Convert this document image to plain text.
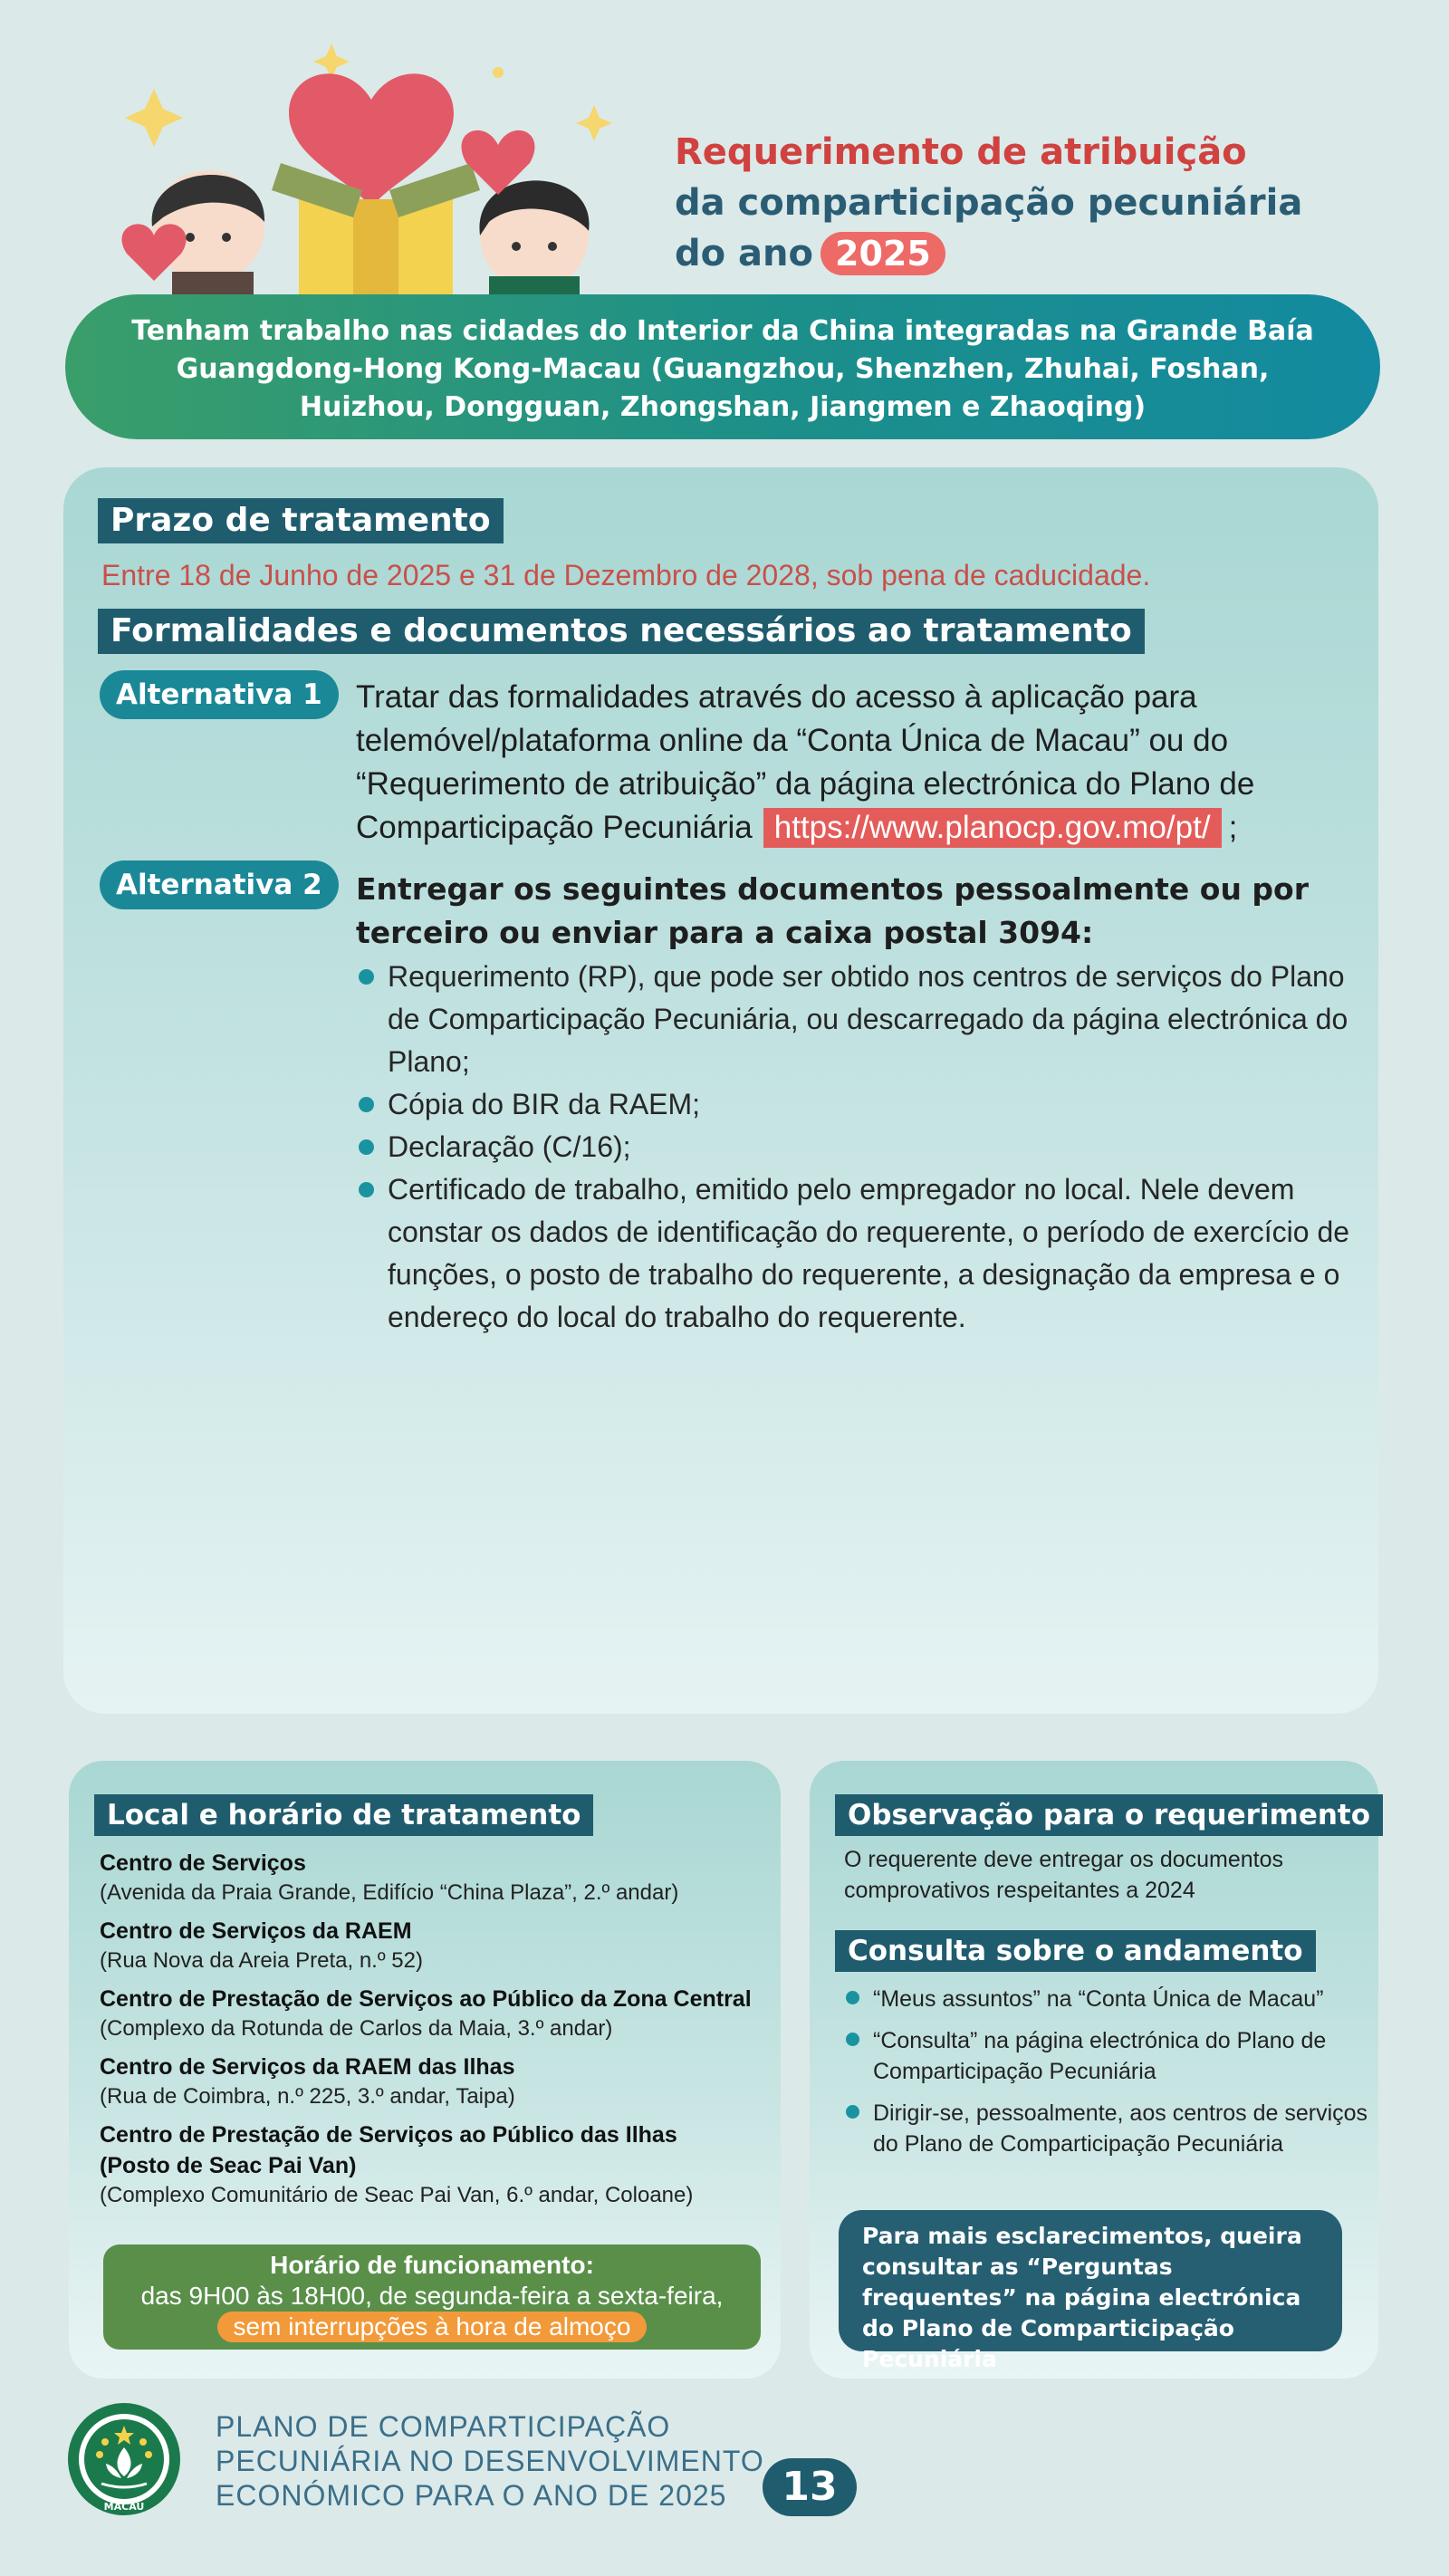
Requerimento de atribuição
da comparticipação pecuniária
do ano 2025
Tenham trabalho nas cidades do Interior da China integradas na Grande Baía Guangdong-Hong Kong-Macau (Guangzhou, Shenzhen, Zhuhai, Foshan, Huizhou, Dongguan, Zhongshan, Jiangmen e Zhaoqing)
Prazo de tratamento
Entre 18 de Junho de 2025 e 31 de Dezembro de 2028, sob pena de caducidade.
Formalidades e documentos necessários ao tratamento
Alternativa 1	Tratar das formalidades através do acesso à aplicação para telemóvel/plataforma online da “Conta Única de Macau” ou do “Requerimento de atribuição” da página electrónica do Plano de Comparticipação Pecuniária https://www.planocp.gov.mo/pt/ ;
Alternativa 2	Entregar os seguintes documentos pessoalmente ou por terceiro ou enviar para a caixa postal 3094:
Requerimento (RP), que pode ser obtido nos centros de serviços do Plano de Comparticipação Pecuniária, ou descarregado da página electrónica do Plano;
Cópia do BIR da RAEM;
Declaração (C/16);
Certificado de trabalho, emitido pelo empregador no local. Nele devem constar os dados de identificação do requerente, o período de exercício de funções, o posto de trabalho do requerente, a designação da empresa e o endereço do local do trabalho do requerente.
Local e horário de tratamento
Centro de Serviços
(Avenida da Praia Grande, Edifício “China Plaza”, 2.º andar)
Centro de Serviços da RAEM
(Rua Nova da Areia Preta, n.º 52)
Centro de Prestação de Serviços ao Público da Zona Central
(Complexo da Rotunda de Carlos da Maia, 3.º andar)
Centro de Serviços da RAEM das Ilhas
(Rua de Coimbra, n.º 225, 3.º andar, Taipa)
Centro de Prestação de Serviços ao Público das Ilhas (Posto de Seac Pai Van)
(Complexo Comunitário de Seac Pai Van, 6.º andar, Coloane)
Horário de funcionamento:
das 9H00 às 18H00, de segunda-feira a sexta-feira,
sem interrupções à hora de almoço
Observação para o requerimento
O requerente deve entregar os documentos comprovativos respeitantes a 2024
Consulta sobre o andamento
“Meus assuntos” na “Conta Única de Macau”
“Consulta” na página electrónica do Plano de Comparticipação Pecuniária
Dirigir-se, pessoalmente, aos centros de serviços do Plano de Comparticipação Pecuniária
Para mais esclarecimentos, queira consultar as “Perguntas frequentes” na página electrónica do Plano de Comparticipação Pecuniária
MACAU
PLANO DE COMPARTICIPAÇÃO
PECUNIÁRIA NO DESENVOLVIMENTO
ECONÓMICO PARA O ANO DE 2025	13
